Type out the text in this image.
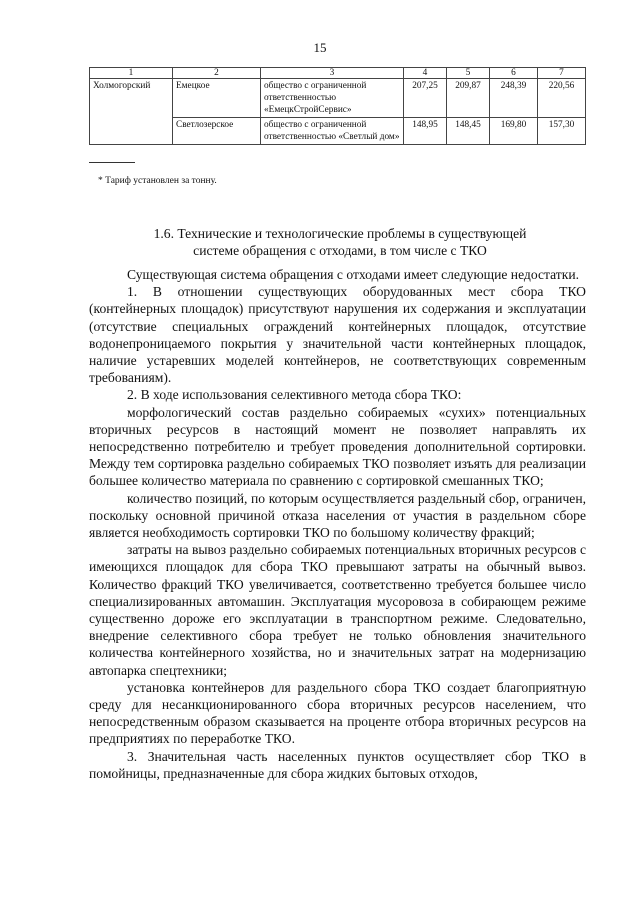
15
1	2	3	4	5	6	7
Холмогорский	Емецкое	общество с ограниченной ответственностью «ЕмецкСтройСервис»	207,25	209,87	248,39	220,56
	Светлозерское	общество с ограниченной ответственностью «Светлый дом»	148,95	148,45	169,80	157,30
* Тариф установлен за тонну.
1.6. Технические и технологические проблемы в существующей
системе обращения с отходами, в том числе с ТКО

Существующая система обращения с отходами имеет следующие недостатки.

1. В отношении существующих оборудованных мест сбора ТКО (контейнерных площадок) присутствуют нарушения их содержания и эксплуатации (отсутствие специальных ограждений контейнерных площадок, отсутствие водонепроницаемого покрытия у значительной части контейнерных площадок, наличие устаревших моделей контейнеров, не соответствующих современным требованиям).

2. В ходе использования селективного метода сбора ТКО:

морфологический состав раздельно собираемых «сухих» потенциальных вторичных ресурсов в настоящий момент не позволяет направлять их непосредственно потребителю и требует проведения дополнительной сортировки. Между тем сортировка раздельно собираемых ТКО позволяет изъять для реализации большее количество материала по сравнению с сортировкой смешанных ТКО;

количество позиций, по которым осуществляется раздельный сбор, ограничен, поскольку основной причиной отказа населения от участия в раздельном сборе является необходимость сортировки ТКО по большому количеству фракций;

затраты на вывоз раздельно собираемых потенциальных вторичных ресурсов с имеющихся площадок для сбора ТКО превышают затраты на обычный вывоз. Количество фракций ТКО увеличивается, соответственно требуется большее число специализированных автомашин. Эксплуатация мусоровоза в собирающем режиме существенно дороже его эксплуатации в транспортном режиме. Следовательно, внедрение селективного сбора требует не только обновления значительного количества контейнерного хозяйства, но и значительных затрат на модернизацию автопарка спецтехники;

установка контейнеров для раздельного сбора ТКО создает благоприятную среду для несанкционированного сбора вторичных ресурсов населением, что непосредственным образом сказывается на проценте отбора вторичных ресурсов на предприятиях по переработке ТКО.

3. Значительная часть населенных пунктов осуществляет сбор ТКО в помойницы, предназначенные для сбора жидких бытовых отходов,
